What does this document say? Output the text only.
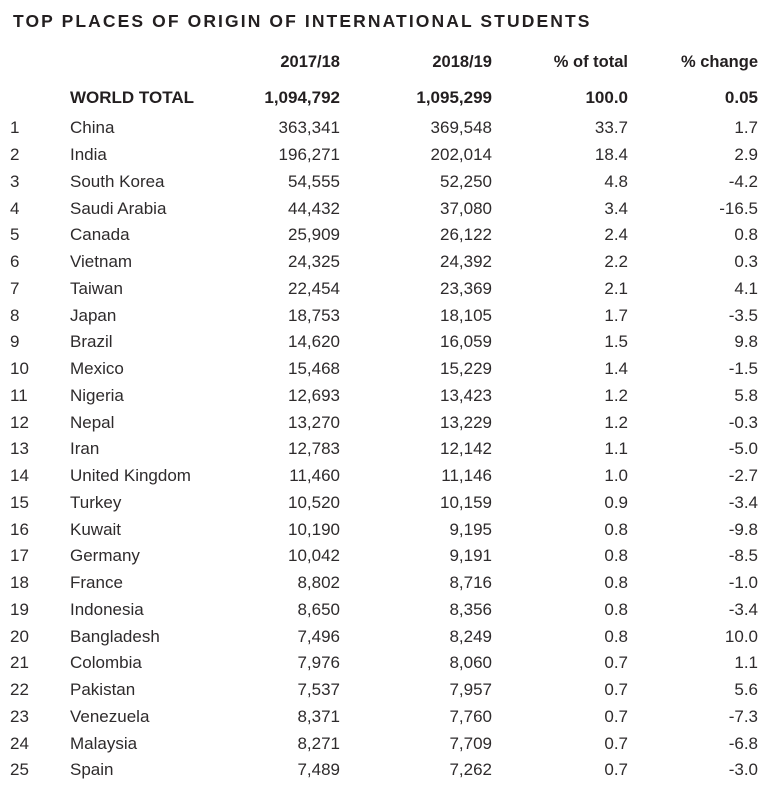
TOP PLACES OF ORIGIN OF INTERNATIONAL STUDENTS
		2017/18	2018/19	% of total	% change
	WORLD TOTAL	1,094,792	1,095,299	100.0	0.05
1	China	363,341	369,548	33.7	1.7
2	India	196,271	202,014	18.4	2.9
3	South Korea	54,555	52,250	4.8	-4.2
4	Saudi Arabia	44,432	37,080	3.4	-16.5
5	Canada	25,909	26,122	2.4	0.8
6	Vietnam	24,325	24,392	2.2	0.3
7	Taiwan	22,454	23,369	2.1	4.1
8	Japan	18,753	18,105	1.7	-3.5
9	Brazil	14,620	16,059	1.5	9.8
10	Mexico	15,468	15,229	1.4	-1.5
11	Nigeria	12,693	13,423	1.2	5.8
12	Nepal	13,270	13,229	1.2	-0.3
13	Iran	12,783	12,142	1.1	-5.0
14	United Kingdom	11,460	11,146	1.0	-2.7
15	Turkey	10,520	10,159	0.9	-3.4
16	Kuwait	10,190	9,195	0.8	-9.8
17	Germany	10,042	9,191	0.8	-8.5
18	France	8,802	8,716	0.8	-1.0
19	Indonesia	8,650	8,356	0.8	-3.4
20	Bangladesh	7,496	8,249	0.8	10.0
21	Colombia	7,976	8,060	0.7	1.1
22	Pakistan	7,537	7,957	0.7	5.6
23	Venezuela	8,371	7,760	0.7	-7.3
24	Malaysia	8,271	7,709	0.7	-6.8
25	Spain	7,489	7,262	0.7	-3.0
